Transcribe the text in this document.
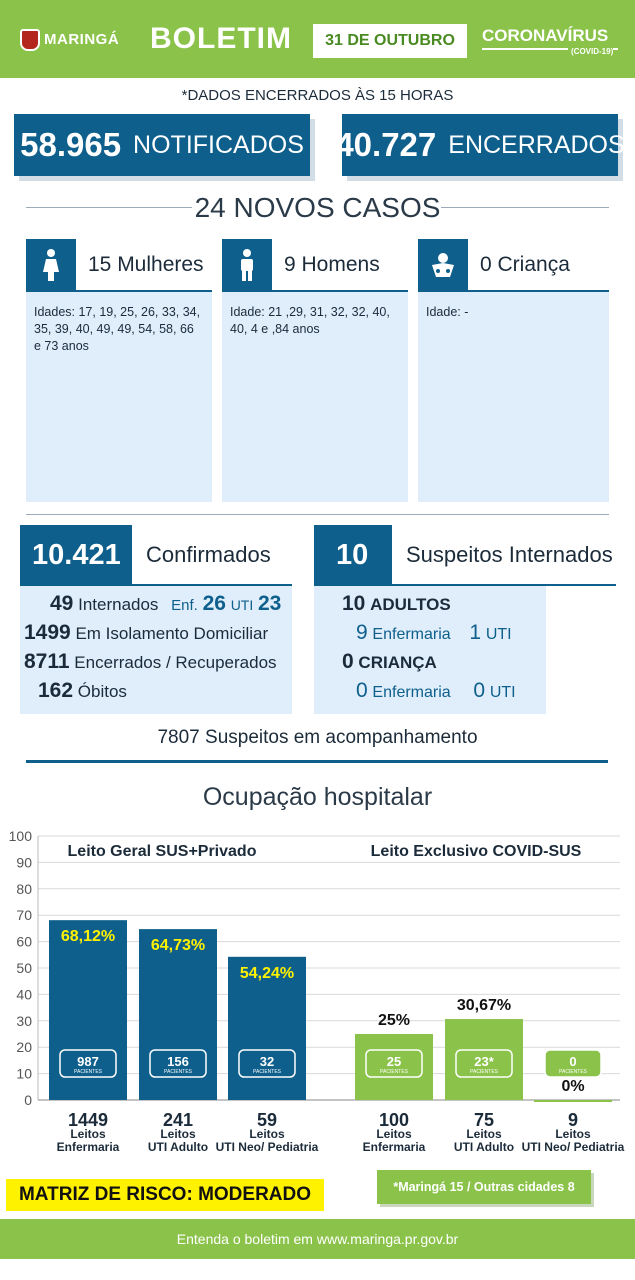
MARINGÁ BOLETIM	31 DE OUTUBRO	CORONAVÍRUS
(COVID-19)
*DADOS ENCERRADOS ÀS 15 HORAS
58.965 NOTIFICADOS 40.727 ENCERRADOS
24 NOVOS CASOS
15 Mulheres
Idades: 17, 19, 25, 26, 33, 34, 35, 39, 40, 49, 49, 54, 58, 66 e 73 anos
9 Homens
Idade: 21 ,29, 31, 32, 32, 40, 40, 4 e ,84 anos
0 Criança
Idade: -
10.421	Confirmados
49 Internados Enf. 26 UTI 23
1499 Em Isolamento Domiciliar
8711 Encerrados / Recuperados
162 Óbitos
10	Suspeitos Internados
10 ADULTOS
9 Enfermaria 1 UTI
0 CRIANÇA
0 Enfermaria 0 UTI
7807 Suspeitos em acompanhamento
Ocupação hospitalar
Leito Geral SUS+Privado	Leito Exclusivo COVID-SUS
0
10
20
30
40
50
60
70
80
90
100
68,12%
987
PACIENTES
1449
Leitos
Enfermaria
64,73%
156
PACIENTES
241
Leitos
UTI Adulto
54,24%
32
PACIENTES
59
Leitos
UTI Neo/ Pediatria
25%
25
PACIENTES
100
Leitos
Enfermaria
30,67%
23*
PACIENTES
75
Leitos
UTI Adulto
0%
0
PACIENTES
9
Leitos
UTI Neo/ Pediatria
MATRIZ DE RISCO: MODERADO	*Maringá 15 / Outras cidades 8
Entenda o boletim em www.maringa.pr.gov.br
